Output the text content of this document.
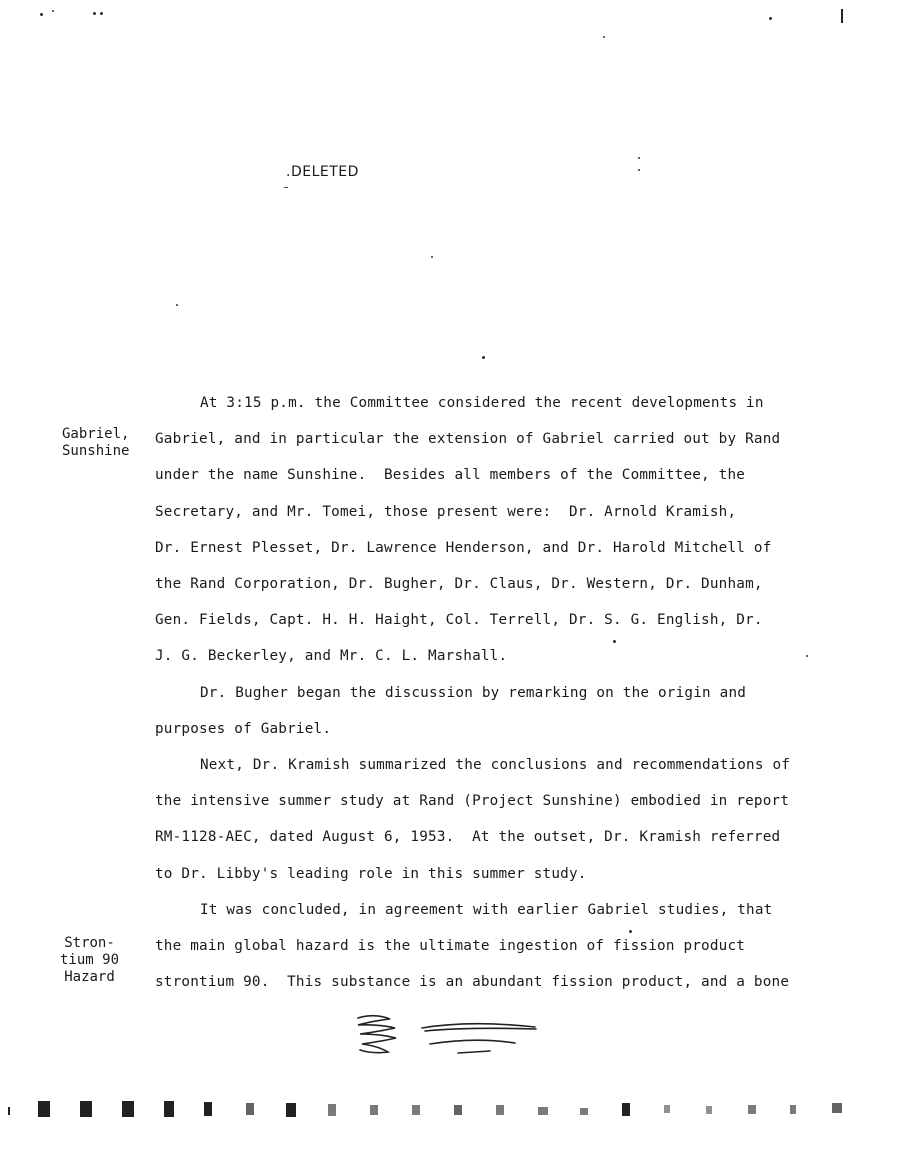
.DELETED
Gabriel,
Sunshine
Stron-
tium 90
Hazard

At 3:15 p.m. the Committee considered the recent developments in
Gabriel, and in particular the extension of Gabriel carried out by Rand
under the name Sunshine.  Besides all members of the Committee, the
Secretary, and Mr. Tomei, those present were:  Dr. Arnold Kramish,
Dr. Ernest Plesset, Dr. Lawrence Henderson, and Dr. Harold Mitchell of
the Rand Corporation, Dr. Bugher, Dr. Claus, Dr. Western, Dr. Dunham,
Gen. Fields, Capt. H. H. Haight, Col. Terrell, Dr. S. G. English, Dr.
J. G. Beckerley, and Mr. C. L. Marshall.

Dr. Bugher began the discussion by remarking on the origin and
purposes of Gabriel.

Next, Dr. Kramish summarized the conclusions and recommendations of
the intensive summer study at Rand (Project Sunshine) embodied in report
RM-1128-AEC, dated August 6, 1953.  At the outset, Dr. Kramish referred
to Dr. Libby's leading role in this summer study.

It was concluded, in agreement with earlier Gabriel studies, that
the main global hazard is the ultimate ingestion of fission product
strontium 90.  This substance is an abundant fission product, and a bone
